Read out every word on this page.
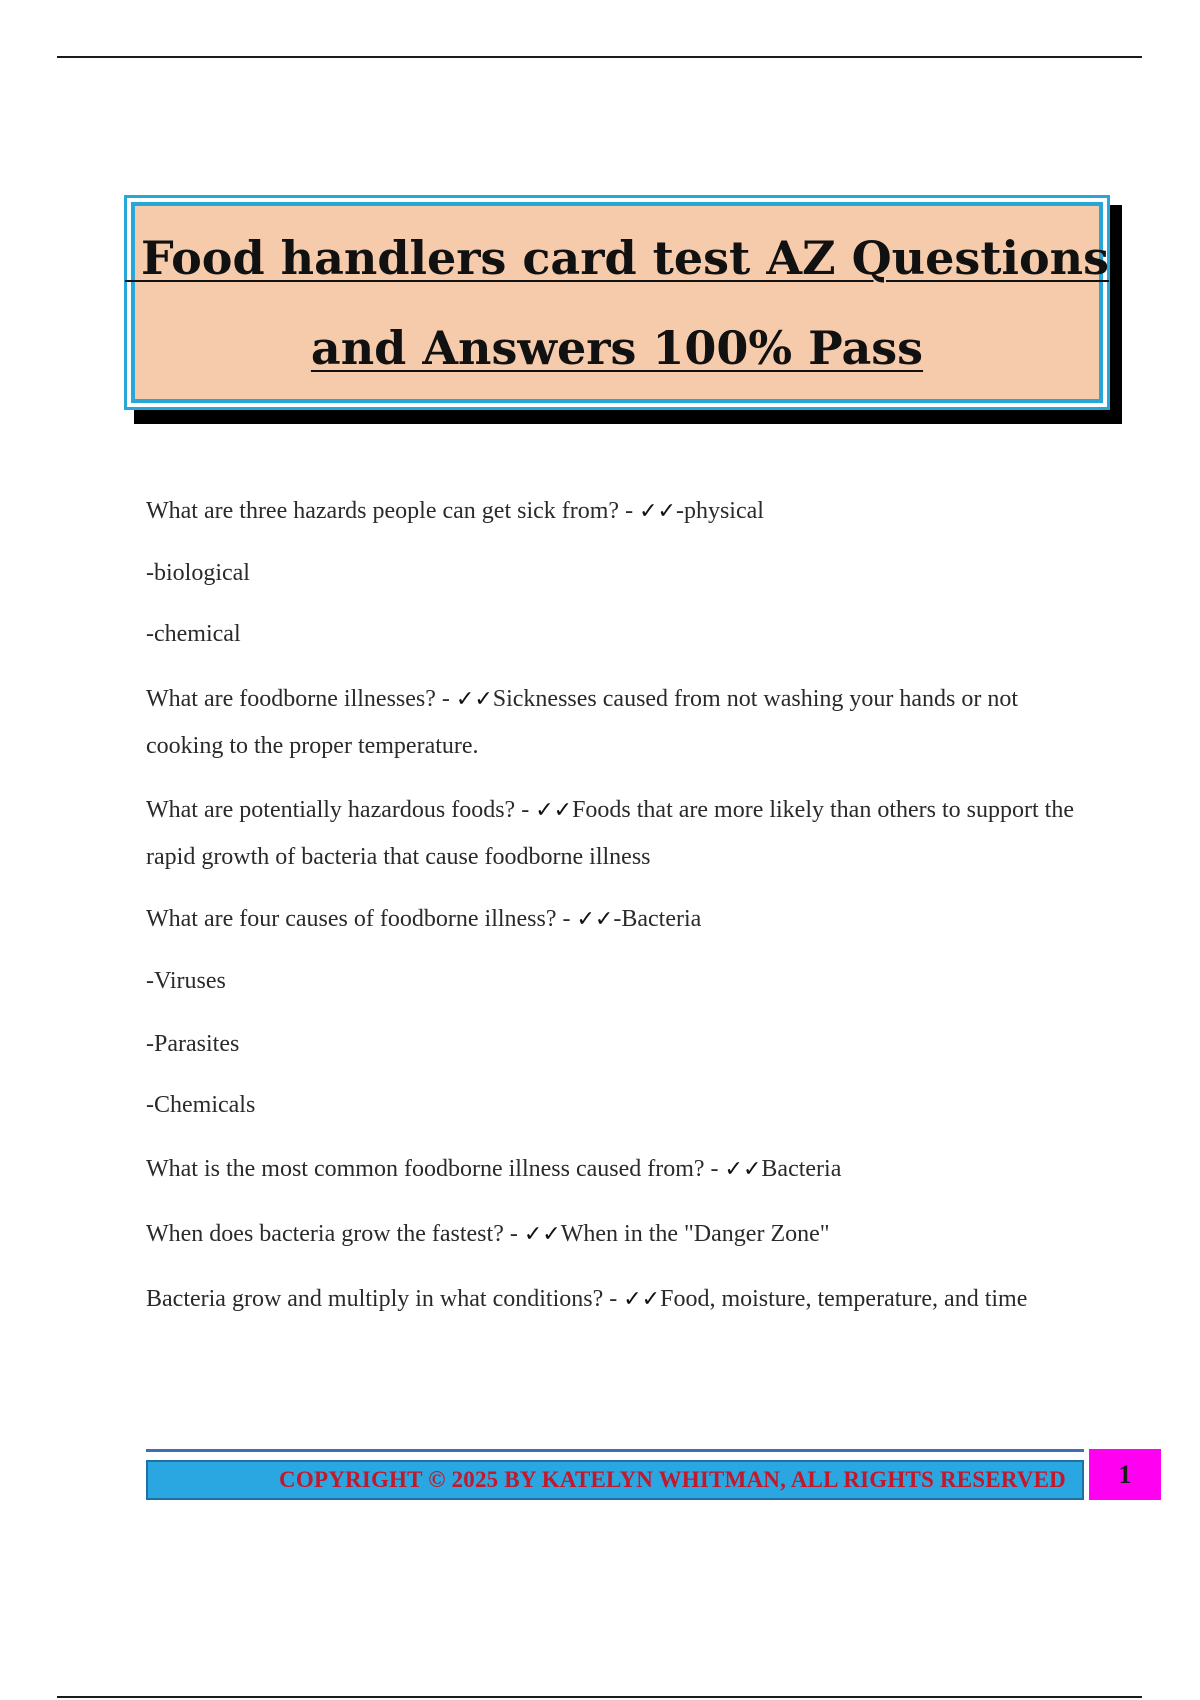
Food handlers card test AZ Questions
and Answers 100% Pass
What are three hazards people can get sick from? - ✓✓-physical
-biological
-chemical
What are foodborne illnesses? - ✓✓Sicknesses caused from not washing your hands or not cooking to the proper temperature.
What are potentially hazardous foods? - ✓✓Foods that are more likely than others to support the rapid growth of bacteria that cause foodborne illness
What are four causes of foodborne illness? - ✓✓-Bacteria
-Viruses
-Parasites
-Chemicals
What is the most common foodborne illness caused from? - ✓✓Bacteria
When does bacteria grow the fastest? - ✓✓When in the "Danger Zone"
Bacteria grow and multiply in what conditions? - ✓✓Food, moisture, temperature, and time
COPYRIGHT © 2025 BY KATELYN WHITMAN, ALL RIGHTS RESERVED	1
